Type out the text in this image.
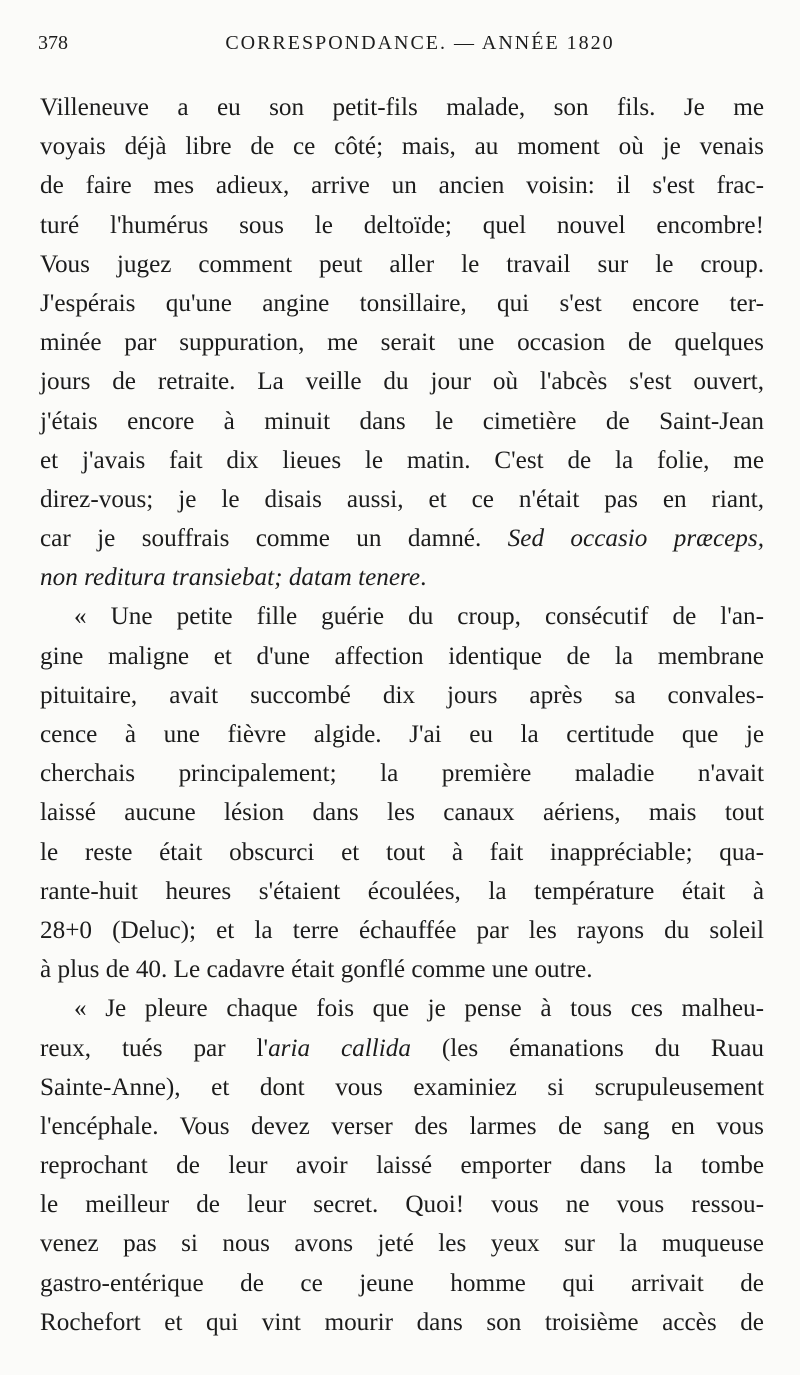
378	CORRESPONDANCE. — ANNÉE 1820
Villeneuve a eu son petit-fils malade, son fils. Je me
voyais déjà libre de ce côté; mais, au moment où je venais
de faire mes adieux, arrive un ancien voisin: il s'est frac-
turé l'humérus sous le deltoïde; quel nouvel encombre!
Vous jugez comment peut aller le travail sur le croup.
J'espérais qu'une angine tonsillaire, qui s'est encore ter-
minée par suppuration, me serait une occasion de quelques
jours de retraite. La veille du jour où l'abcès s'est ouvert,
j'étais encore à minuit dans le cimetière de Saint-Jean
et j'avais fait dix lieues le matin. C'est de la folie, me
direz-vous; je le disais aussi, et ce n'était pas en riant,
car je souffrais comme un damné. Sed occasio præceps,
non reditura transiebat; datam tenere.
« Une petite fille guérie du croup, consécutif de l'an-
gine maligne et d'une affection identique de la membrane
pituitaire, avait succombé dix jours après sa convales-
cence à une fièvre algide. J'ai eu la certitude que je
cherchais principalement; la première maladie n'avait
laissé aucune lésion dans les canaux aériens, mais tout
le reste était obscurci et tout à fait inappréciable; qua-
rante-huit heures s'étaient écoulées, la température était à
28+0 (Deluc); et la terre échauffée par les rayons du soleil
à plus de 40. Le cadavre était gonflé comme une outre.
« Je pleure chaque fois que je pense à tous ces malheu-
reux, tués par l'aria callida (les émanations du Ruau
Sainte-Anne), et dont vous examiniez si scrupuleusement
l'encéphale. Vous devez verser des larmes de sang en vous
reprochant de leur avoir laissé emporter dans la tombe
le meilleur de leur secret. Quoi! vous ne vous ressou-
venez pas si nous avons jeté les yeux sur la muqueuse
gastro-entérique de ce jeune homme qui arrivait de
Rochefort et qui vint mourir dans son troisième accès de
